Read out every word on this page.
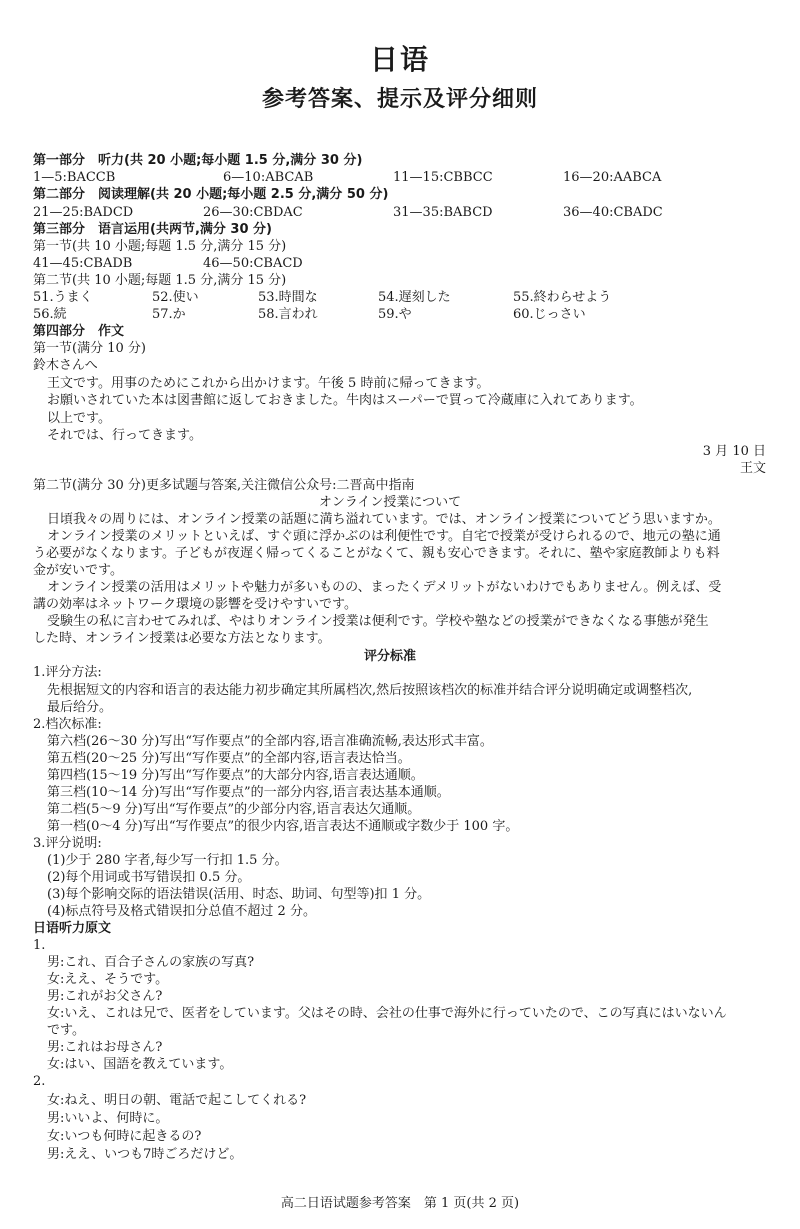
日语
参考答案、提示及评分细则
第一部分　听力(共 20 小题;每小题 1.5 分,满分 30 分)
1—5:BACCB	6—10:ABCAB	11—15:CBBCC	16—20:AABCA
第二部分　阅读理解(共 20 小题;每小题 2.5 分,满分 50 分)
21—25:BADCD	26—30:CBDAC	31—35:BABCD	36—40:CBADC
第三部分　语言运用(共两节,满分 30 分)
第一节(共 10 小题;每题 1.5 分,满分 15 分)
41—45:CBADB	46—50:CBACD
第二节(共 10 小题;每题 1.5 分,满分 15 分)
51.うまく	52.使い	53.時間な	54.遅刻した	55.終わらせよう
56.続	57.か	58.言われ	59.や	60.じっさい
第四部分　作文
第一节(满分 10 分)
鈴木さんへ
王文です。用事のためにこれから出かけます。午後 5 時前に帰ってきます。
お願いされていた本は図書館に返しておきました。牛肉はスーパーで買って冷蔵庫に入れてあります。
以上です。
それでは、行ってきます。
3 月 10 日
王文
第二节(满分 30 分)更多试题与答案,关注微信公众号:二晋高中指南
オンライン授業について
日頃我々の周りには、オンライン授業の話題に満ち溢れています。では、オンライン授業についてどう思いますか。
オンライン授業のメリットといえば、すぐ頭に浮かぶのは利便性です。自宅で授業が受けられるので、地元の塾に通
う必要がなくなります。子どもが夜遅く帰ってくることがなくて、親も安心できます。それに、塾や家庭教師よりも料
金が安いです。
オンライン授業の活用はメリットや魅力が多いものの、まったくデメリットがないわけでもありません。例えば、受
講の効率はネットワーク環境の影響を受けやすいです。
受験生の私に言わせてみれば、やはりオンライン授業は便利です。学校や塾などの授業ができなくなる事態が発生
した時、オンライン授業は必要な方法となります。
评分标准
1.评分方法:
先根据短文的内容和语言的表达能力初步确定其所属档次,然后按照该档次的标准并结合评分说明确定或调整档次,
最后给分。
2.档次标准:
第六档(26～30 分)写出“写作要点”的全部内容,语言准确流畅,表达形式丰富。
第五档(20～25 分)写出“写作要点”的全部内容,语言表达恰当。
第四档(15～19 分)写出“写作要点”的大部分内容,语言表达通顺。
第三档(10～14 分)写出“写作要点”的一部分内容,语言表达基本通顺。
第二档(5～9 分)写出“写作要点”的少部分内容,语言表达欠通顺。
第一档(0～4 分)写出“写作要点”的很少内容,语言表达不通顺或字数少于 100 字。
3.评分说明:
(1)少于 280 字者,每少写一行扣 1.5 分。
(2)每个用词或书写错误扣 0.5 分。
(3)每个影响交际的语法错误(活用、时态、助词、句型等)扣 1 分。
(4)标点符号及格式错误扣分总值不超过 2 分。
日语听力原文
1.
男:これ、百合子さんの家族の写真?
女:ええ、そうです。
男:これがお父さん?
女:いえ、これは兄で、医者をしています。父はその時、会社の仕事で海外に行っていたので、この写真にはいないん
です。
男:これはお母さん?
女:はい、国語を教えています。
2.
女:ねえ、明日の朝、電話で起こしてくれる?
男:いいよ、何時に。
女:いつも何時に起きるの?
男:ええ、いつも7時ごろだけど。
高二日语试题参考答案　第 1 页(共 2 页)
